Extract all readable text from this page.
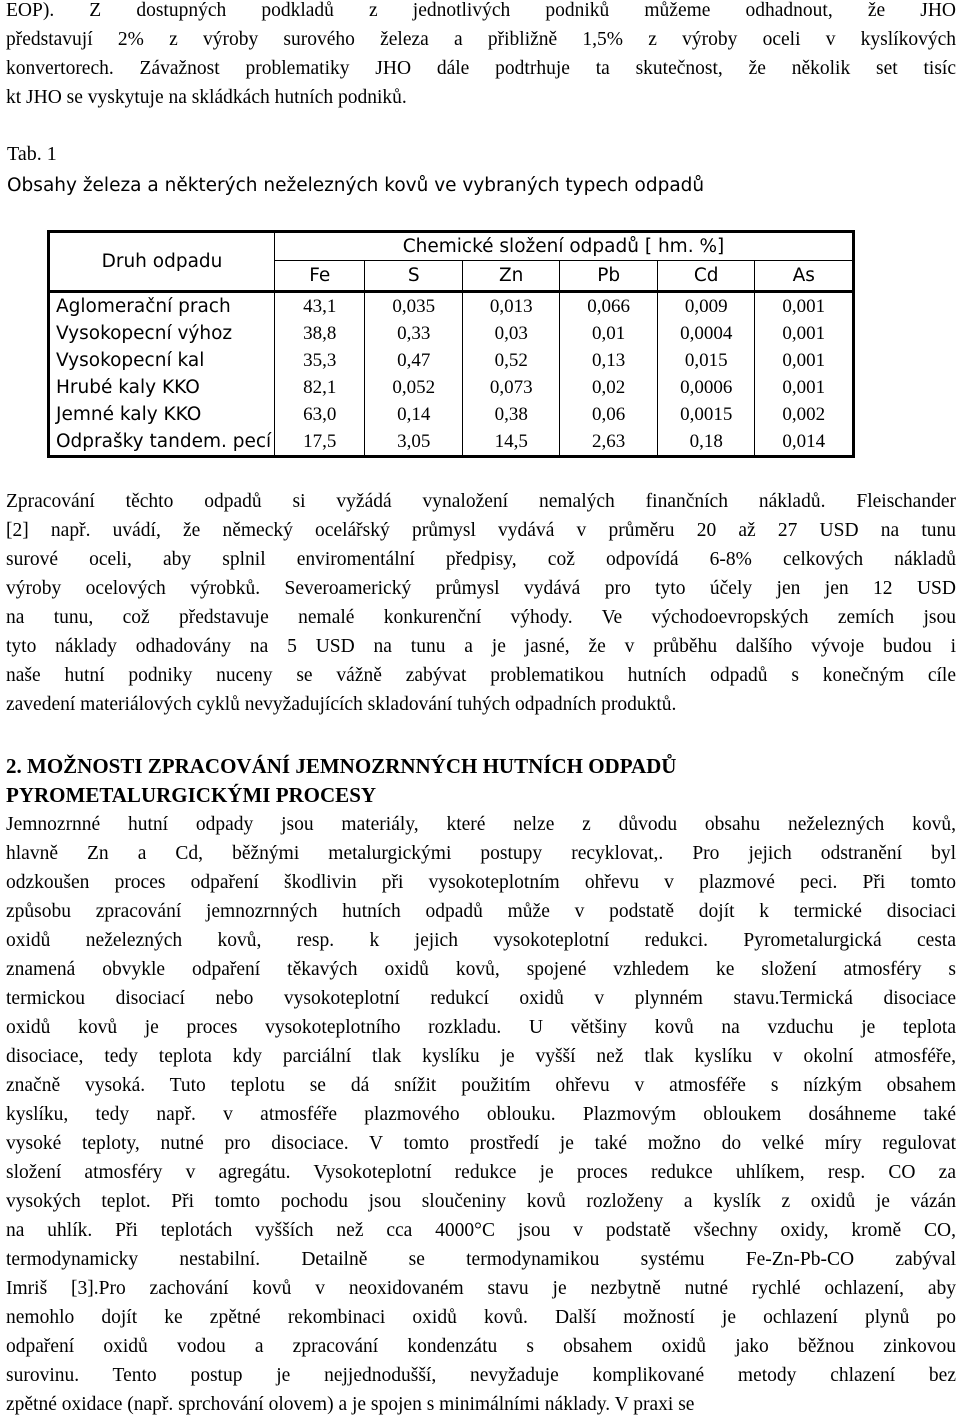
EOP). Z dostupných podkladů z jednotlivých podniků můžeme odhadnout, že JHO
představují 2% z výroby surového železa a přibližně 1,5% z výroby oceli v kyslíkových
konvertorech. Závažnost problematiky JHO dále podtrhuje ta skutečnost, že několik set tisíc
kt JHO se vyskytuje na skládkách hutních podniků.
Tab. 1
Obsahy železa a některých neželezných kovů ve vybraných typech odpadů
Druh odpadu	Chemické složení odpadů [ hm. %]					
	Fe	S	Zn	Pb	Cd	As
Aglomerační prach	43,1	0,035	0,013	0,066	0,009	0,001
Vysokopecní výhoz	38,8	0,33	0,03	0,01	0,0004	0,001
Vysokopecní kal	35,3	0,47	0,52	0,13	0,015	0,001
Hrubé kaly KKO	82,1	0,052	0,073	0,02	0,0006	0,001
Jemné kaly KKO	63,0	0,14	0,38	0,06	0,0015	0,002
Odprašky tandem. pecí	17,5	3,05	14,5	2,63	0,18	0,014
Zpracování těchto odpadů si vyžádá vynaložení nemalých finančních nákladů. Fleischander
[2] např. uvádí, že německý ocelářský průmysl vydává v průměru 20 až 27 USD na tunu
surové oceli, aby splnil enviromentální předpisy, což odpovídá 6-8% celkových nákladů
výroby ocelových výrobků. Severoamerický průmysl vydává pro tyto účely jen jen 12 USD
na tunu, což představuje nemalé konkurenční výhody. Ve východoevropských zemích jsou
tyto náklady odhadovány na 5 USD na tunu a je jasné, že v průběhu dalšího vývoje budou i
naše hutní podniky nuceny se vážně zabývat problematikou hutních odpadů s konečným cíle
zavedení materiálových cyklů nevyžadujících skladování tuhých odpadních produktů.
2. MOŽNOSTI ZPRACOVÁNÍ JEMNOZRNNÝCH HUTNÍCH ODPADŮ
PYROMETALURGICKÝMI PROCESY
Jemnozrnné hutní odpady jsou materiály, které nelze z důvodu obsahu neželezných kovů,
hlavně Zn a Cd, běžnými metalurgickými postupy recyklovat,. Pro jejich odstranění byl
odzkoušen proces odpaření škodlivin při vysokoteplotním ohřevu v plazmové peci. Při tomto
způsobu zpracování jemnozrnných hutních odpadů může v podstatě dojít k termické disociaci
oxidů neželezných kovů, resp. k jejich vysokoteplotní redukci. Pyrometalurgická cesta
znamená obvykle odpaření těkavých oxidů kovů, spojené vzhledem ke složení atmosféry s
termickou disociací nebo vysokoteplotní redukcí oxidů v plynném stavu.Termická disociace
oxidů kovů je proces vysokoteplotního rozkladu. U většiny kovů na vzduchu je teplota
disociace, tedy teplota kdy parciální tlak kyslíku je vyšší než tlak kyslíku v okolní atmosféře,
značně vysoká. Tuto teplotu se dá snížit použitím ohřevu v atmosféře s nízkým obsahem
kyslíku, tedy např. v atmosféře plazmového oblouku. Plazmovým obloukem dosáhneme také
vysoké teploty, nutné pro disociace. V tomto prostředí je také možno do velké míry regulovat
složení atmosféry v agregátu. Vysokoteplotní redukce je proces redukce uhlíkem, resp. CO za
vysokých teplot. Při tomto pochodu jsou sloučeniny kovů rozloženy a kyslík z oxidů je vázán
na uhlík. Při teplotách vyšších než cca 4000°C jsou v podstatě všechny oxidy, kromě CO,
termodynamicky nestabilní. Detailně se termodynamikou systému Fe-Zn-Pb-CO zabýval
Imriš [3].Pro zachování kovů v neoxidovaném stavu je nezbytně nutné rychlé ochlazení, aby
nemohlo dojít ke zpětné rekombinaci oxidů kovů. Další možností je ochlazení plynů po
odpaření oxidů vodou a zpracování kondenzátu s obsahem oxidů jako běžnou zinkovou
surovinu. Tento postup je nejjednodušší, nevyžaduje komplikované metody chlazení bez
zpětné oxidace (např. sprchování olovem) a je spojen s minimálními náklady. V praxi se
